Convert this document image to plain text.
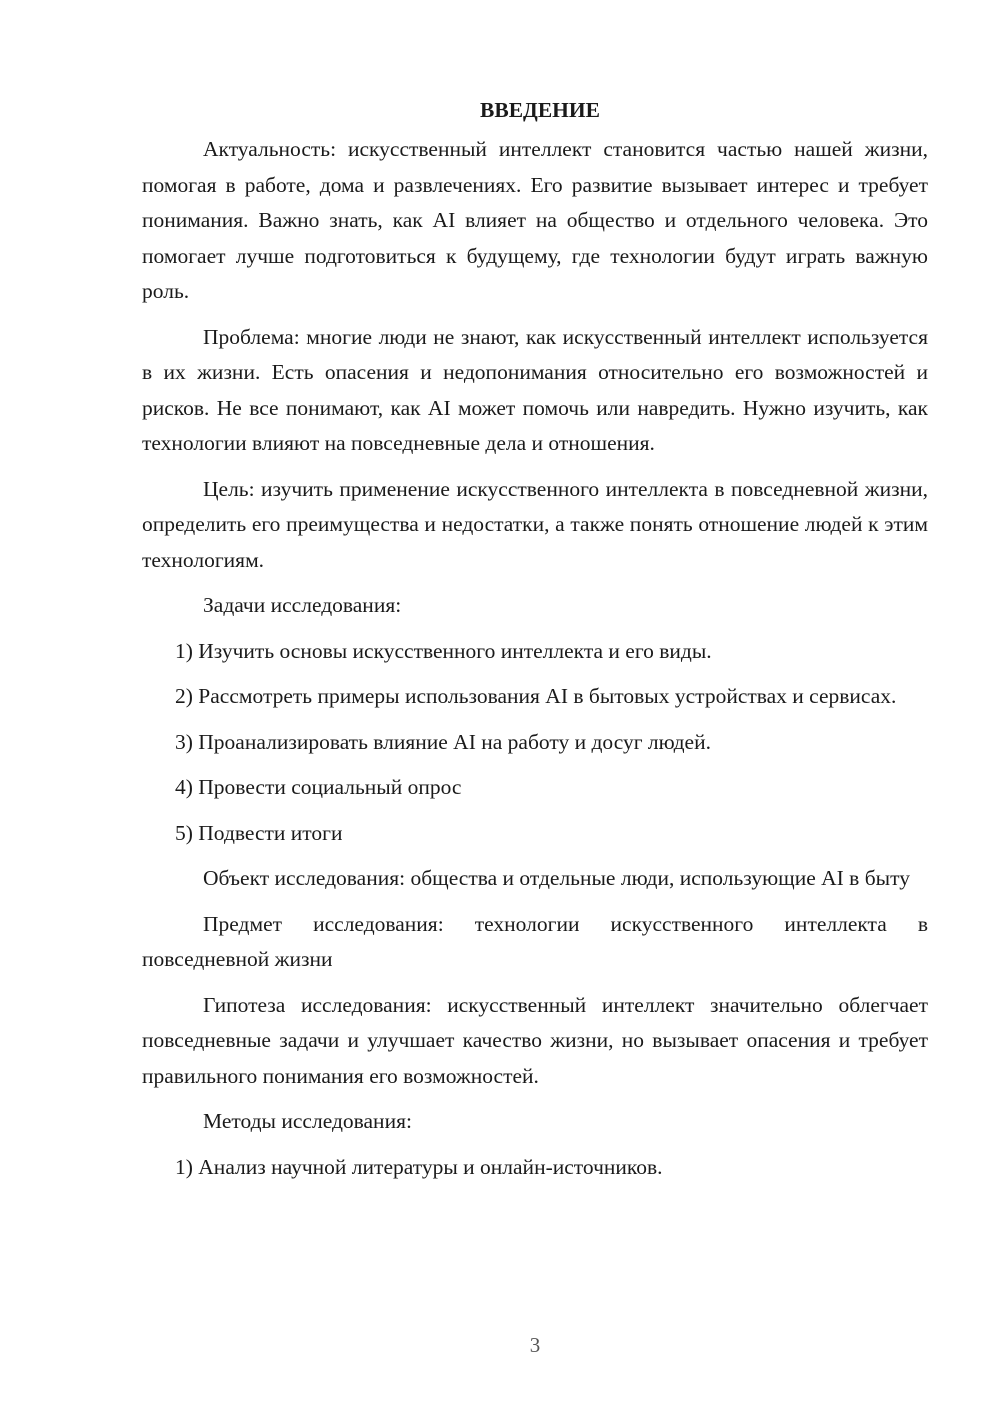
ВВЕДЕНИЕ

Актуальность: искусственный интеллект становится частью нашей жизни, помогая в работе, дома и развлечениях. Его развитие вызывает интерес и требует понимания. Важно знать, как AI влияет на общество и отдельного человека. Это помогает лучше подготовиться к будущему, где технологии будут играть важную роль.

Проблема: многие люди не знают, как искусственный интеллект используется в их жизни. Есть опасения и недопонимания относительно его возможностей и рисков. Не все понимают, как AI может помочь или навредить. Нужно изучить, как технологии влияют на повседневные дела и отношения.

Цель: изучить применение искусственного интеллекта в повседневной жизни, определить его преимущества и недостатки, а также понять отношение людей к этим технологиям.

Задачи исследования:

1) Изучить основы искусственного интеллекта и его виды.

2) Рассмотреть примеры использования AI в бытовых устройствах и сервисах.

3) Проанализировать влияние AI на работу и досуг людей.

4) Провести социальный опрос

5) Подвести итоги

Объект исследования: общества и отдельные люди, использующие AI в быту

Предмет исследования: технологии искусственного интеллекта в повседневной жизни

Гипотеза исследования: искусственный интеллект значительно облегчает повседневные задачи и улучшает качество жизни, но вызывает опасения и требует правильного понимания его возможностей.

Методы исследования:

1) Анализ научной литературы и онлайн-источников.

3
